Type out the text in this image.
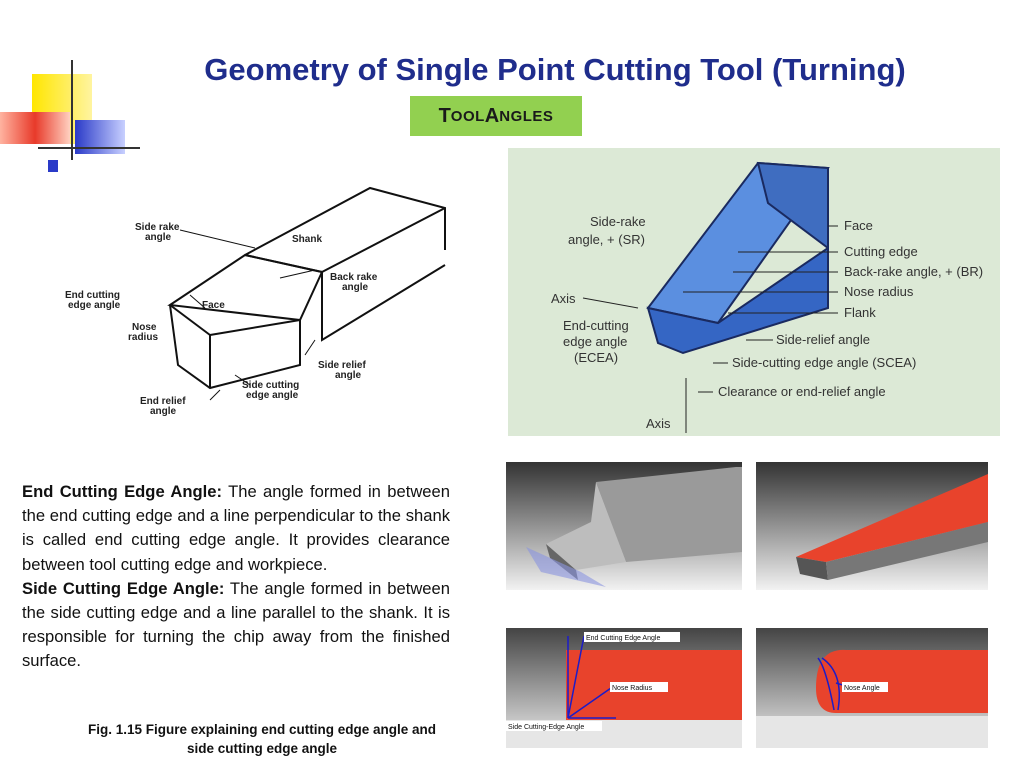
Geometry of Single Point Cutting Tool (Turning)
T OOL A NGLES
Side rake
angle	Shank
Back rake
angle
End cutting
edge angle	Face
Nose
radius
Side relief
angle
Side cutting
edge angle
End relief
angle
Side-rake
angle, + (SR)
Axis
End-cutting
edge angle
(ECEA)
Axis
Face
Cutting edge
Back-rake angle, + (BR)
Nose radius
Flank
Side-relief angle
Side-cutting edge angle (SCEA)
Clearance or end-relief angle
End Cutting Edge Angle
Nose Radius
Side Cutting-Edge Angle
Nose Angle

End Cutting Edge Angle: The angle formed in between the end cutting edge and a line perpendicular to the shank is called end cutting edge angle. It provides clearance between tool cutting edge and workpiece.

Side Cutting Edge Angle: The angle formed in between the side cutting edge and a line parallel to the shank. It is responsible for turning the chip away from the finished surface.

Fig. 1.15 Figure explaining end cutting edge angle and
side cutting edge angle
